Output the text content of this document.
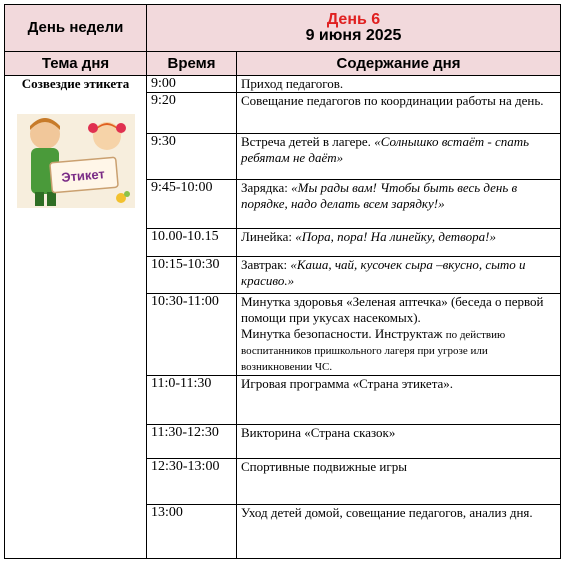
День недели	День 6
9 июня 2025	

Тема дня	Время	Содержание дня

Созвездие этикета
Этикет	9:00	Приход педагогов.
	9:20	Совещание педагогов по координации работы на день.
	9:30	Встреча детей в лагере. «Солнышко встаёт - спать ребятам не даёт»
	9:45-10:00	Зарядка: «Мы рады вам! Чтобы быть весь день в порядке, надо делать всем зарядку!»
	10.00-10.15	Линейка: «Пора, пора! На линейку, детвора!»
	10:15-10:30	Завтрак: «Каша, чай, кусочек сыра –вкусно, сыто и красиво.»
	10:30-11:00	Минутка здоровья «Зеленая аптечка» (беседа о первой помощи при укусах насекомых).
Минутка безопасности. Инструктаж по действию воспитанников пришкольного лагеря при угрозе или возникновении ЧС.
	11:0-11:30	Игровая программа «Страна этикета».
	11:30-12:30	Викторина «Страна сказок»
	12:30-13:00	Спортивные подвижные игры
	13:00	Уход детей домой, совещание педагогов, анализ дня.
